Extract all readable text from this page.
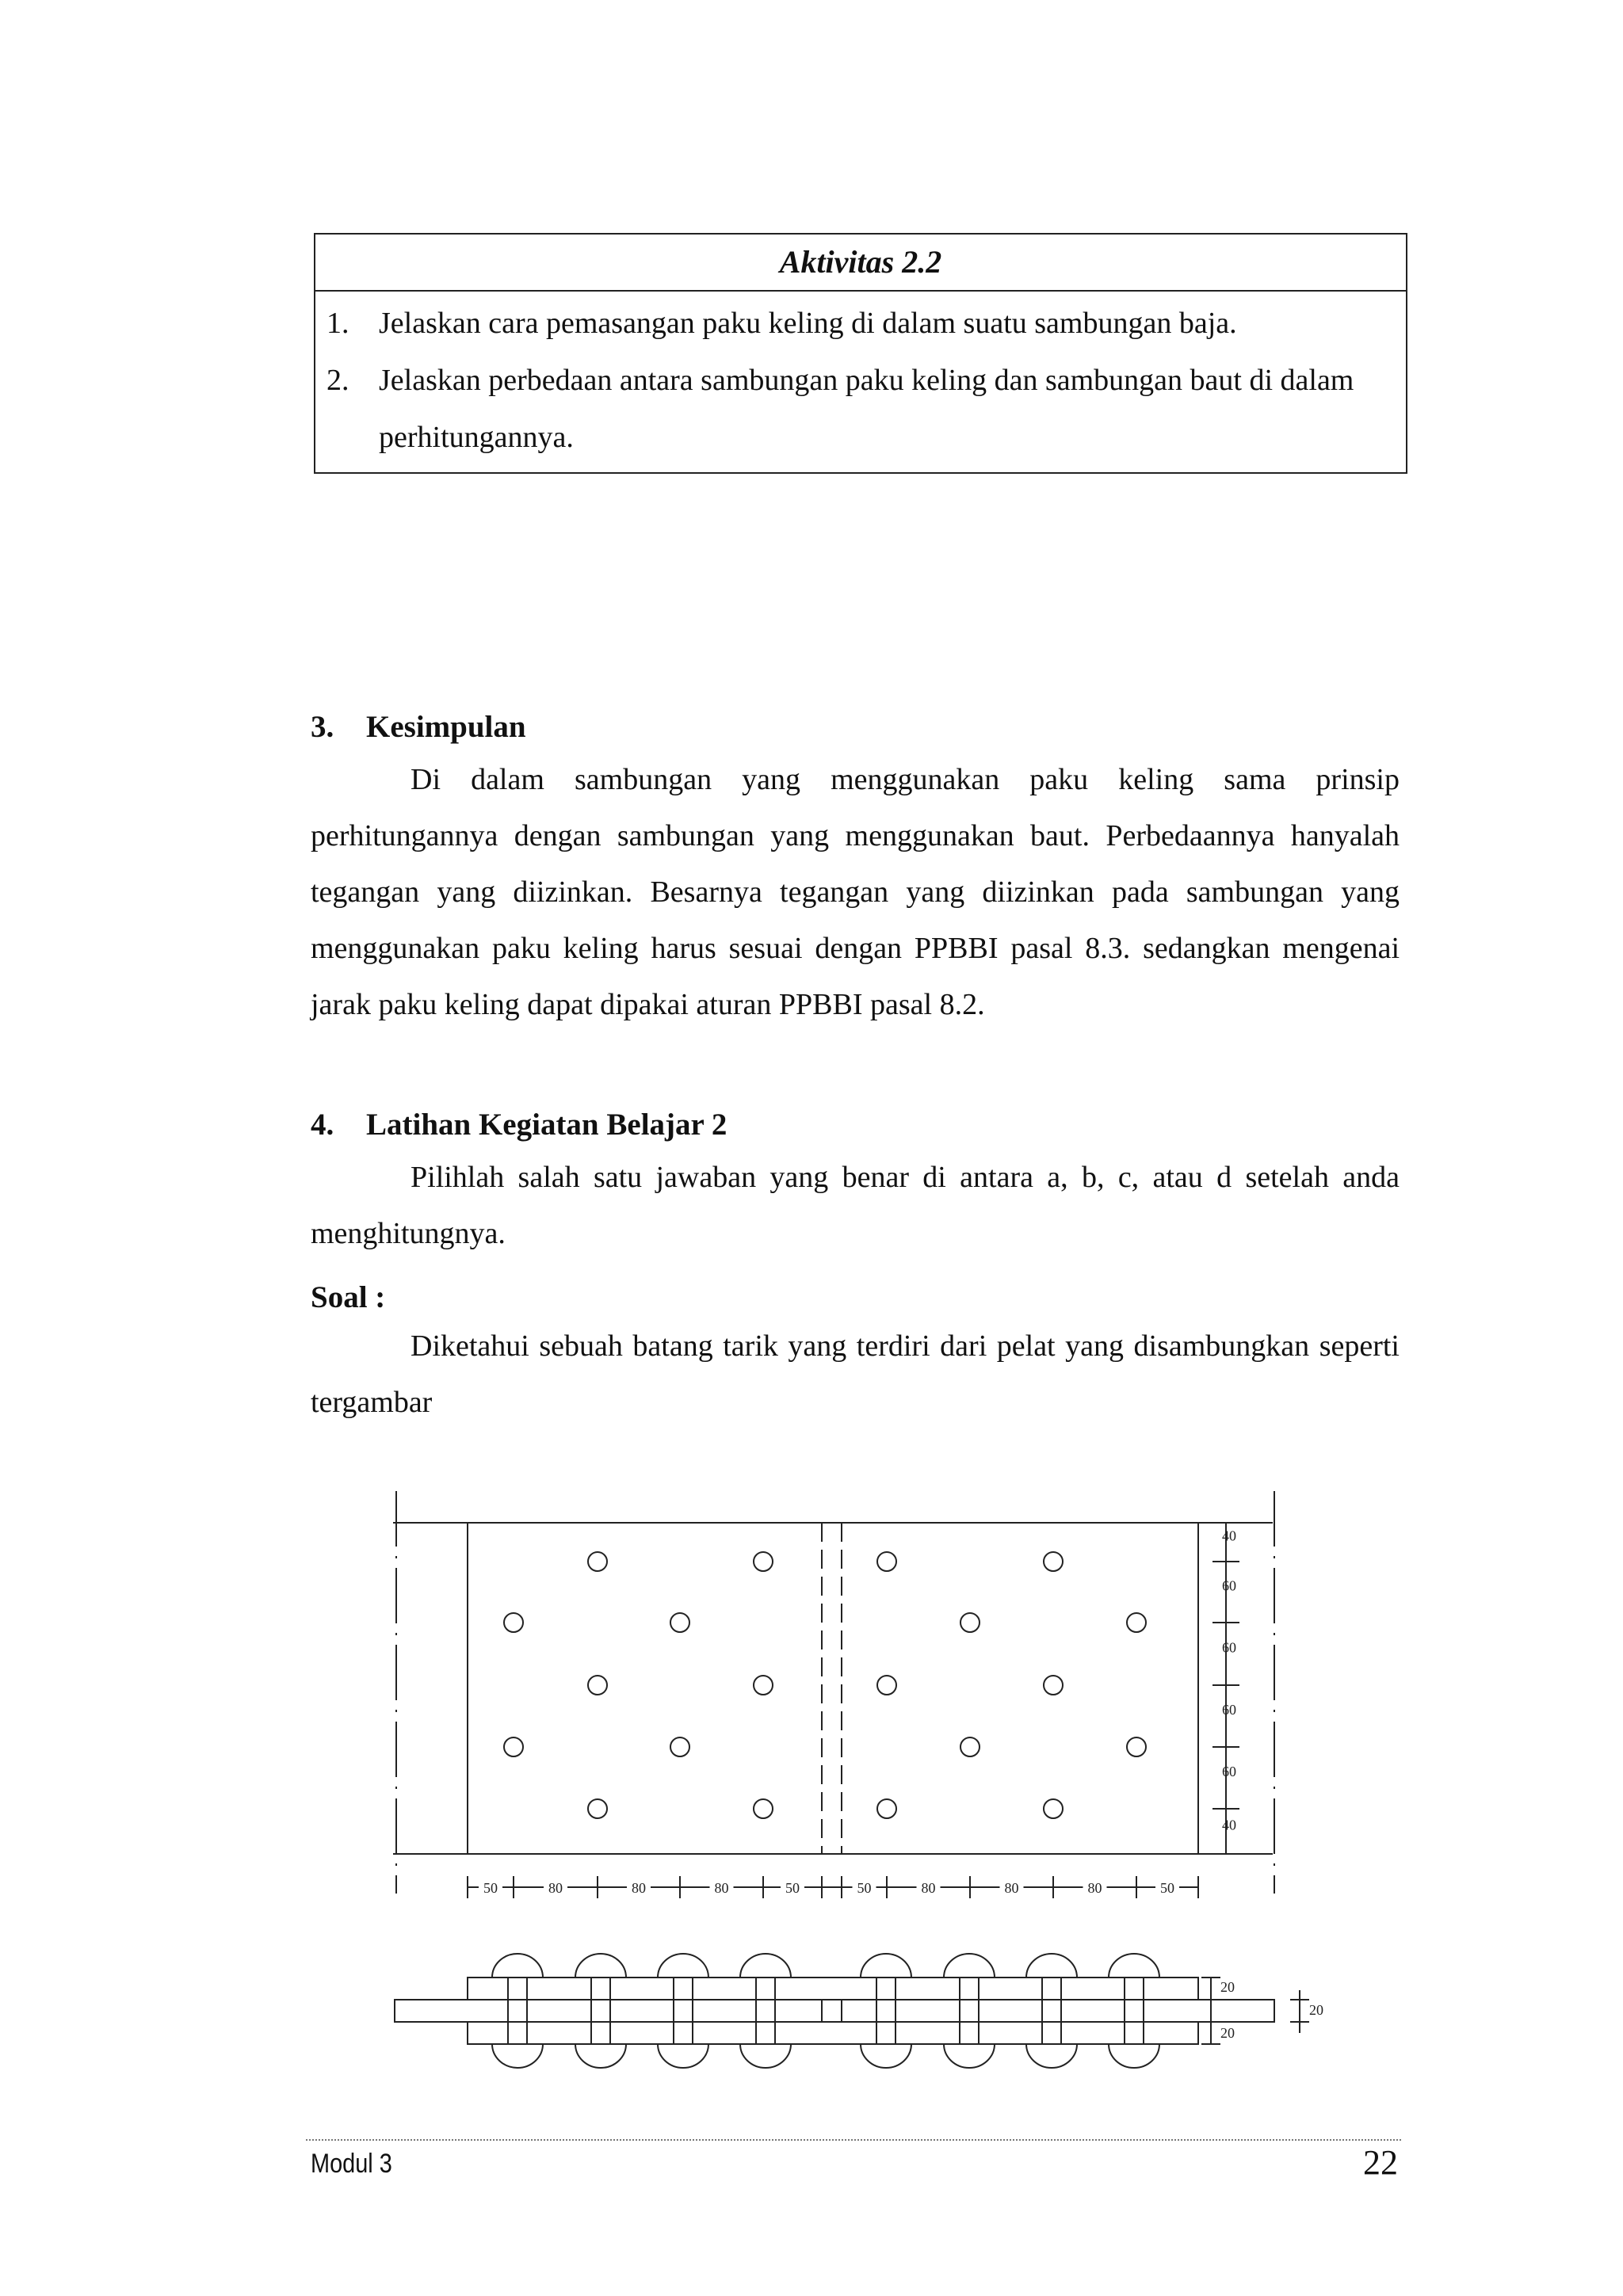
Aktivitas 2.2
1. Jelaskan cara pemasangan paku keling di dalam suatu sambungan baja.
2. Jelaskan perbedaan antara sambungan paku keling dan sambungan baut di dalam perhitungannya.
3. Kesimpulan

Di dalam sambungan yang menggunakan paku keling sama prinsip perhitungannya dengan sambungan yang menggunakan baut. Perbedaannya hanyalah tegangan yang diizinkan. Besarnya tegangan yang diizinkan pada sambungan yang menggunakan paku keling harus sesuai dengan PPBBI pasal 8.3. sedangkan mengenai jarak paku keling dapat dipakai aturan PPBBI pasal 8.2.

4. Latihan Kegiatan Belajar 2

Pilihlah salah satu jawaban yang benar di antara a, b, c, atau d setelah anda menghitungnya.

Soal :

Diketahui sebuah batang tarik yang terdiri dari pelat yang disambungkan seperti tergambar

40
60
60
60
60
40
50	80	80	80	50	50	80	80	80	50
20
20
20
Modul 3	22
